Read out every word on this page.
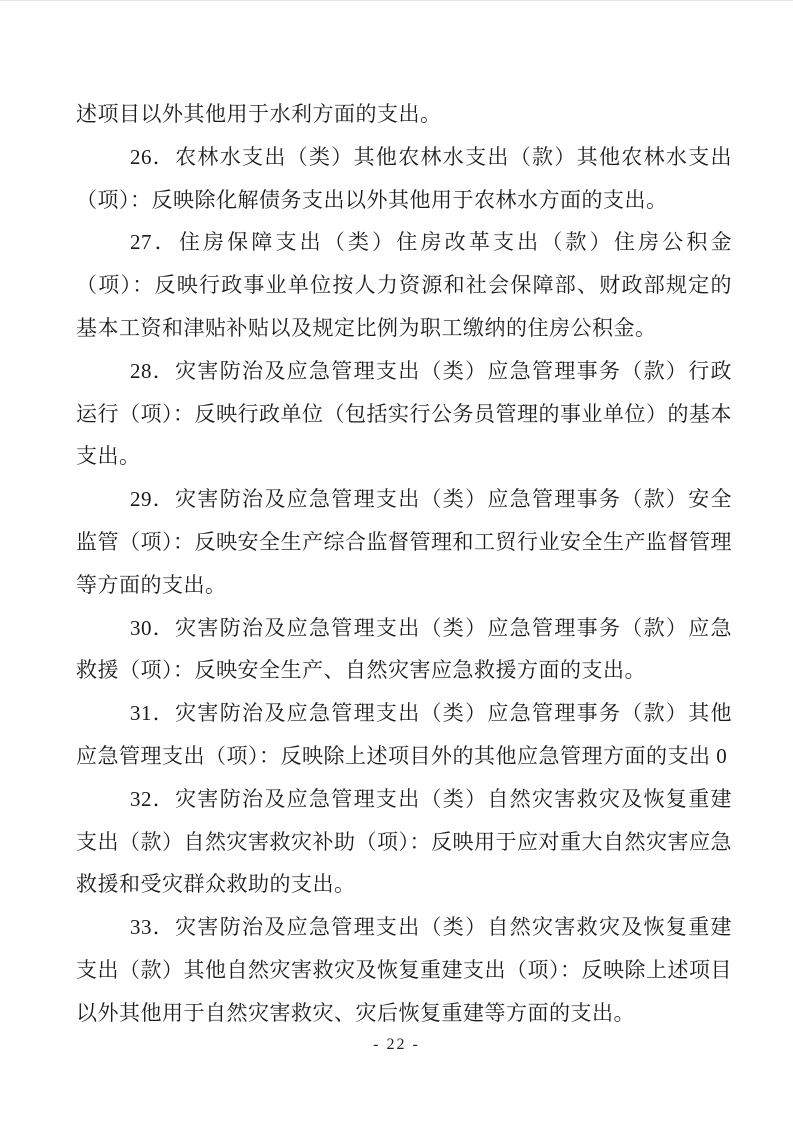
述项目以外其他用于水利方面的支出。

26．农林水支出（类）其他农林水支出（款）其他农林水支出（项）：反映除化解债务支出以外其他用于农林水方面的支出。

27．住房保障支出（类）住房改革支出（款）住房公积金（项）：反映行政事业单位按人力资源和社会保障部、财政部规定的 基本工资和津贴补贴以及规定比例为职工缴纳的住房公积金。

28．灾害防治及应急管理支出（类）应急管理事务（款）行政运行（项）：反映行政单位（包括实行公务员管理的事业单位）的基本 支出。

29．灾害防治及应急管理支出（类）应急管理事务（款）安全监管（项）：反映安全生产综合监督管理和工贸行业安全生产监督管理等方面的支出。

30．灾害防治及应急管理支出（类）应急管理事务（款）应急救援（项）：反映安全生产、自然灾害应急救援方面的支出。

31．灾害防治及应急管理支出（类）应急管理事务（款）其他应急管理支出（项）：反映除上述项目外的其他应急管理方面的支出 0

32．灾害防治及应急管理支出（类）自然灾害救灾及恢复重建支出（款）自然灾害救灾补助（项）：反映用于应对重大自然灾害应急救援和受灾群众救助的支出。

33．灾害防治及应急管理支出（类）自然灾害救灾及恢复重建支出（款）其他自然灾害救灾及恢复重建支出（项）：反映除上述项目以外其他用于自然灾害救灾、灾后恢复重建等方面的支出。

- 22 -
